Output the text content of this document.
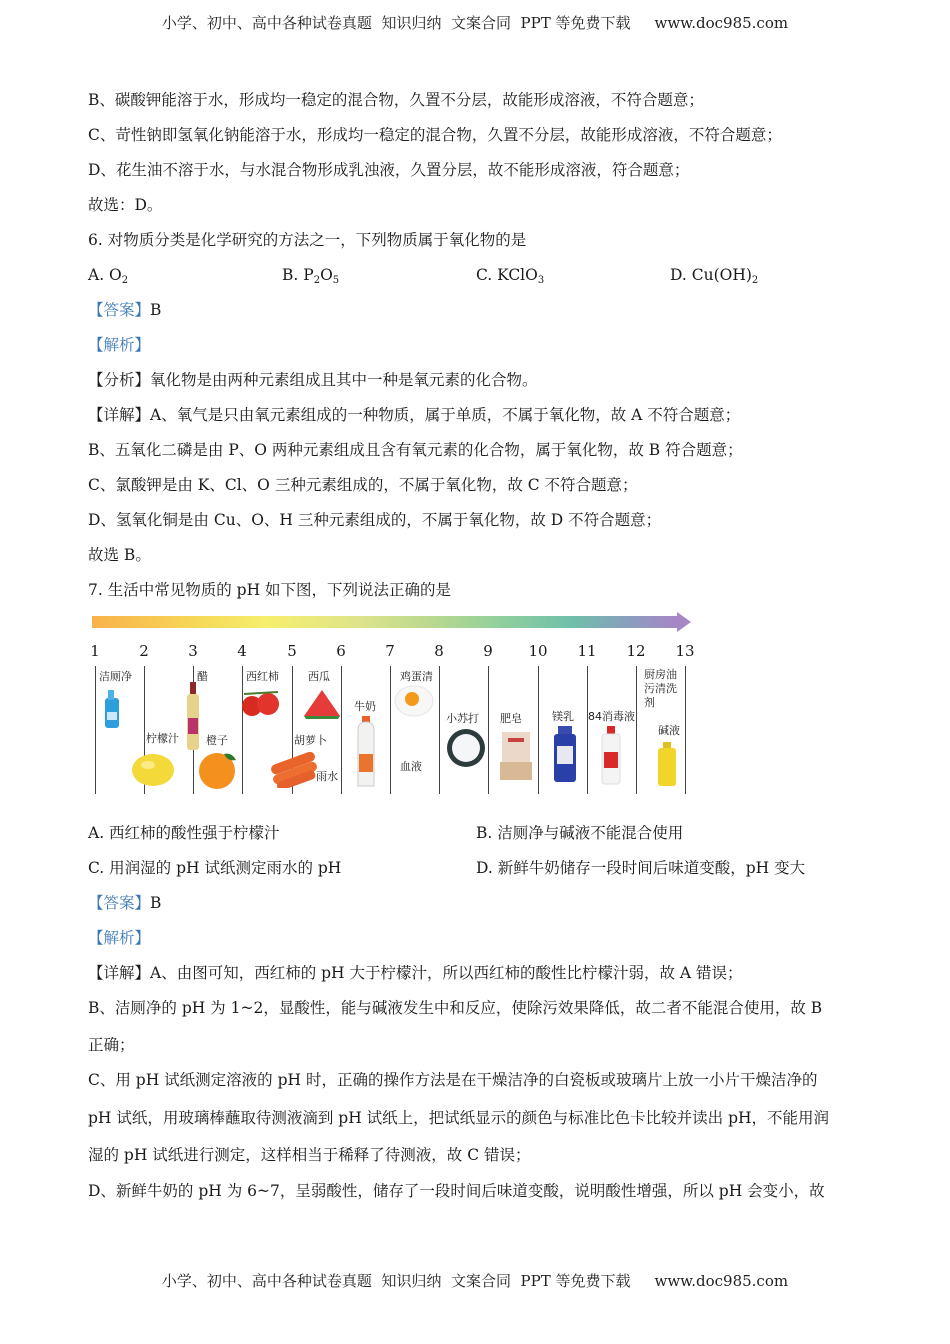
小学、初中、高中各种试卷真题  知识归纳  文案合同  PPT 等免费下载 www.doc985.com
B、碳酸钾能溶于水，形成均一稳定的混合物，久置不分层，故能形成溶液，不符合题意；
C、苛性钠即氢氧化钠能溶于水，形成均一稳定的混合物，久置不分层，故能形成溶液，不符合题意；
D、花生油不溶于水，与水混合物形成乳浊液，久置分层，故不能形成溶液，符合题意；
故选：D。
6. 对物质分类是化学研究的方法之一，下列物质属于氧化物的是
A. $O_2$	B. $P_2O_5$	C. KClO$_3$	D. $Cu(OH)_2$
【答案】B
【解析】
【分析】氧化物是由两种元素组成且其中一种是氧元素的化合物。
【详解】A、氧气是只由氧元素组成的一种物质，属于单质，不属于氧化物，故 A 不符合题意；
B、五氧化二磷是由 P、O 两种元素组成且含有氧元素的化合物，属于氧化物，故 B 符合题意；
C、氯酸钾是由 K、Cl、O 三种元素组成的，不属于氧化物，故 C 不符合题意；
D、氢氧化铜是由 Cu、O、H 三种元素组成的，不属于氧化物，故 D 不符合题意；
故选 B。
7. 生活中常见物质的 pH 如下图，下列说法正确的是
1	2	3	4	5	6	7	8	9	10 11 12 13
洁厕净
柠檬汁
醋
橙子
西红柿	西瓜
胡萝卜
雨水
牛奶
鸡蛋清
血液
小苏打 肥皂	镁乳 84消毒液
厨房油污清洗剂
碱液
A. 西红柿的酸性强于柠檬汁	B. 洁厕净与碱液不能混合使用
C. 用润湿的 pH 试纸测定雨水的 pH	D. 新鲜牛奶储存一段时间后味道变酸，pH 变大
【答案】B
【解析】
【详解】A、由图可知，西红柿的 pH 大于柠檬汁，所以西红柿的酸性比柠檬汁弱，故 A 错误；
B、洁厕净的 pH 为 1~2，显酸性，能与碱液发生中和反应，使除污效果降低，故二者不能混合使用，故 B
正确；
C、用 pH 试纸测定溶液的 pH 时，正确的操作方法是在干燥洁净的白瓷板或玻璃片上放一小片干燥洁净的
pH 试纸，用玻璃棒蘸取待测液滴到 pH 试纸上，把试纸显示的颜色与标准比色卡比较并读出 pH，不能用润
湿的 pH 试纸进行测定，这样相当于稀释了待测液，故 C 错误；
D、新鲜牛奶的 pH 为 6~7，呈弱酸性，储存了一段时间后味道变酸，说明酸性增强，所以 pH 会变小，故
小学、初中、高中各种试卷真题  知识归纳  文案合同  PPT 等免费下载 www.doc985.com
